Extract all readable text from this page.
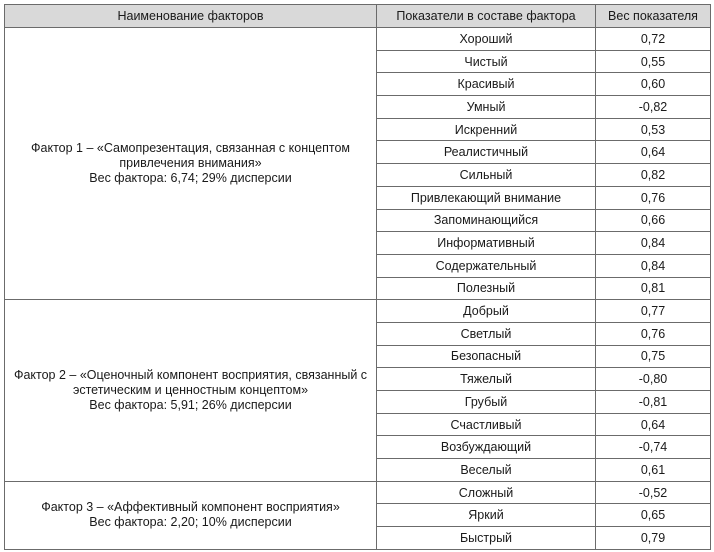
Наименование факторов	Показатели в составе фактора	Вес показателя

Фактор 1 – «Самопрезентация, связанная с концептом привлечения внимания»
Вес фактора: 6,74; 29% дисперсии	Хороший	0,72
	Чистый	0,55
	Красивый	0,60
	Умный	-0,82
	Искренний	0,53
	Реалистичный	0,64
	Сильный	0,82
	Привлекающий внимание	0,76
	Запоминающийся	0,66
	Информативный	0,84
	Содержательный	0,84
	Полезный	0,81

Фактор 2 – «Оценочный компонент восприятия, связанный с эстетическим и ценностным концептом»
Вес фактора: 5,91; 26% дисперсии	Добрый	0,77
	Светлый	0,76
	Безопасный	0,75
	Тяжелый	-0,80
	Грубый	-0,81
	Счастливый	0,64
	Возбуждающий	-0,74
	Веселый	0,61

Фактор 3 – «Аффективный компонент восприятия»
Вес фактора: 2,20; 10% дисперсии	Сложный	-0,52
	Яркий	0,65
	Быстрый	0,79
